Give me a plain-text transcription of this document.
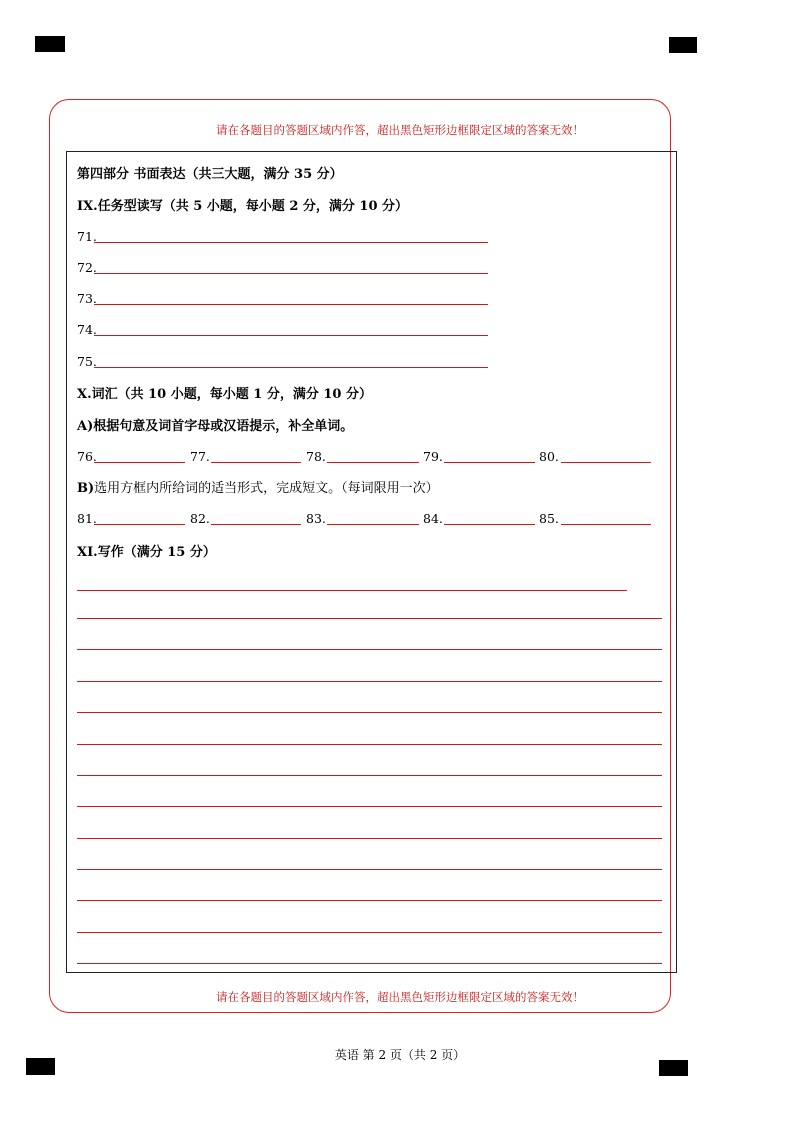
请在各题目的答题区域内作答，超出黑色矩形边框限定区域的答案无效！
请在各题目的答题区域内作答，超出黑色矩形边框限定区域的答案无效！
第四部分 书面表达（共三大题，满分 35 分）
IX.任务型读写（共 5 小题，每小题 2 分，满分 10 分）
71.
72.
73.
74.
75.
X.词汇（共 10 小题，每小题 1 分，满分 10 分）
A)根据句意及词首字母或汉语提示，补全单词。
76.	77.	78.	79.	80.
B)选用方框内所给词的适当形式，完成短文。（每词限用一次）
81.	82.	83.	84.	85.
XI.写作（满分 15 分）
英语 第 2 页（共 2 页）
